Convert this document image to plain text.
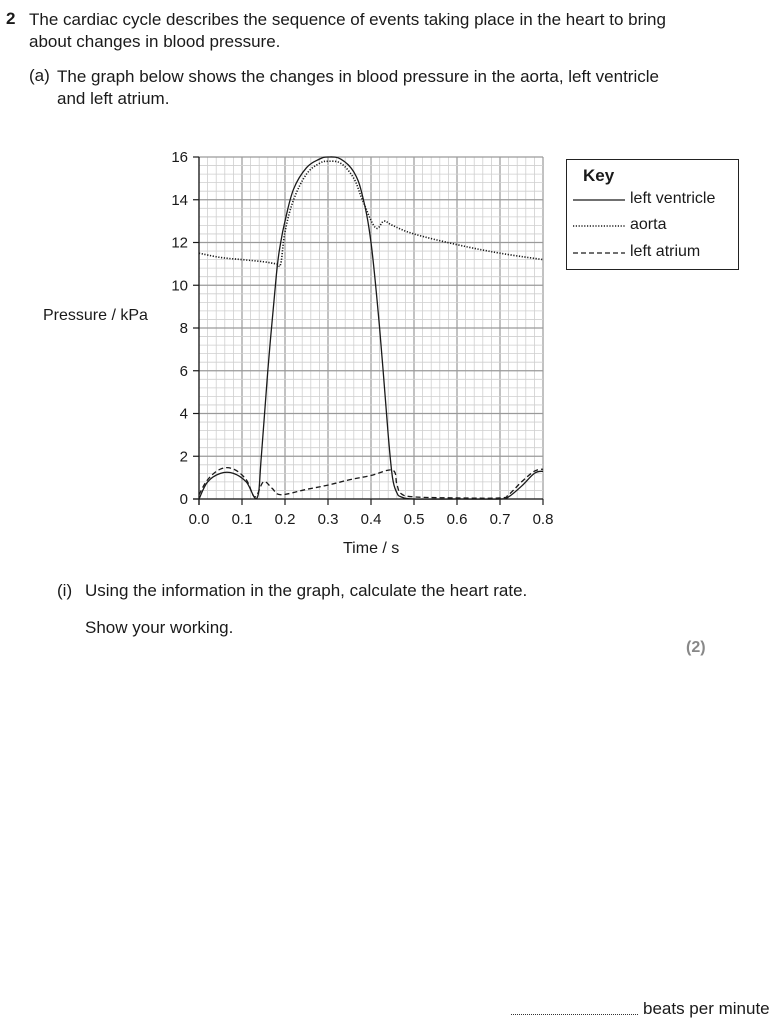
2 The cardiac cycle describes the sequence of events taking place in the heart to bring about changes in blood pressure.
(a) The graph below shows the changes in blood pressure in the aorta, left ventricle and left atrium.
Pressure / kPa
Time / s
0
2
4
6
8
10
12
14
16
0.0 0.1 0.2 0.3 0.4 0.5 0.6 0.7 0.8
Key
left ventricle
aorta
left atrium
(i) Using the information in the graph, calculate the heart rate.
Show your working.
(2)
beats per minute
